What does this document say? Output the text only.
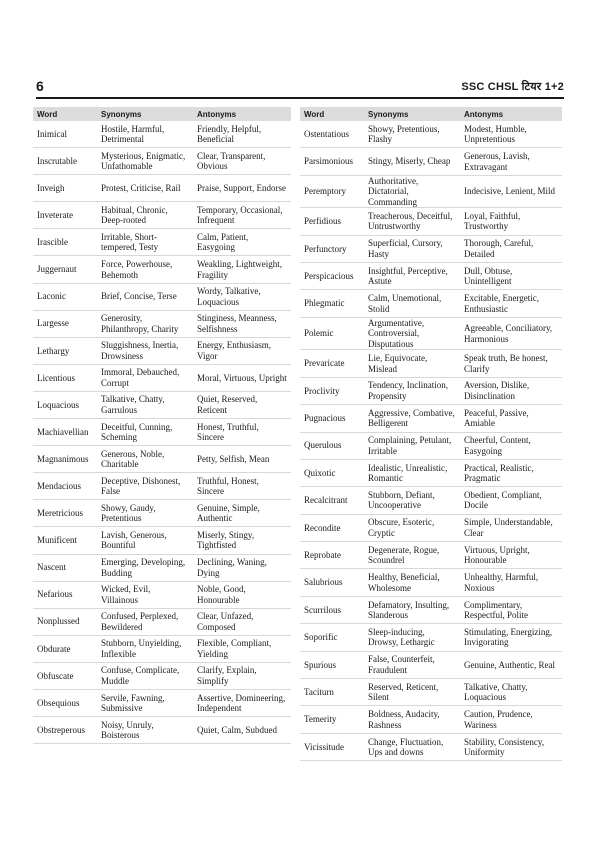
6	SSC CHSL टियर 1+2
Word	Synonyms	Antonyms
Inimical	Hostile, Harmful, Detrimental	Friendly, Helpful, Beneficial
Inscrutable	Mysterious, Enigmatic, Unfathomable	Clear, Transparent, Obvious
Inveigh	Protest, Criticise, Rail	Praise, Support, Endorse
Inveterate	Habitual, Chronic, Deep-rooted	Temporary, Occasional, Infrequent
Irascible	Irritable, Short-tempered, Testy	Calm, Patient, Easygoing
Juggernaut	Force, Powerhouse, Behemoth	Weakling, Lightweight, Fragility
Laconic	Brief, Concise, Terse	Wordy, Talkative, Loquacious
Largesse	Generosity, Philanthropy, Charity	Stinginess, Meanness, Selfishness
Lethargy	Sluggishness, Inertia, Drowsiness	Energy, Enthusiasm, Vigor
Licentious	Immoral, Debauched, Corrupt	Moral, Virtuous, Upright
Loquacious	Talkative, Chatty, Garrulous	Quiet, Reserved, Reticent
Machiavellian	Deceitful, Cunning, Scheming	Honest, Truthful, Sincere
Magnanimous	Generous, Noble, Charitable	Petty, Selfish, Mean
Mendacious	Deceptive, Dishonest, False	Truthful, Honest, Sincere
Meretricious	Showy, Gaudy, Pretentious	Genuine, Simple, Authentic
Munificent	Lavish, Generous, Bountiful	Miserly, Stingy, Tightfisted
Nascent	Emerging, Developing, Budding	Declining, Waning, Dying
Nefarious	Wicked, Evil, Villainous	Noble, Good, Honourable
Nonplussed	Confused, Perplexed, Bewildered	Clear, Unfazed, Composed
Obdurate	Stubborn, Unyielding, Inflexible	Flexible, Compliant, Yielding
Obfuscate	Confuse, Complicate, Muddle	Clarify, Explain, Simplify
Obsequious	Servile, Fawning, Submissive	Assertive, Domineering, Independent
Obstreperous	Noisy, Unruly, Boisterous	Quiet, Calm, Subdued
Word	Synonyms	Antonyms
Ostentatious	Showy, Pretentious, Flashy	Modest, Humble, Unpretentious
Parsimonious	Stingy, Miserly, Cheap	Generous, Lavish, Extravagant
Peremptory	Authoritative, Dictatorial, Commanding	Indecisive, Lenient, Mild
Perfidious	Treacherous, Deceitful, Untrustworthy	Loyal, Faithful, Trustworthy
Perfunctory	Superficial, Cursory, Hasty	Thorough, Careful, Detailed
Perspicacious	Insightful, Perceptive, Astute	Dull, Obtuse, Unintelligent
Phlegmatic	Calm, Unemotional, Stolid	Excitable, Energetic, Enthusiastic
Polemic	Argumentative, Controversial, Disputatious	Agreeable, Conciliatory, Harmonious
Prevaricate	Lie, Equivocate, Mislead	Speak truth, Be honest, Clarify
Proclivity	Tendency, Inclination, Propensity	Aversion, Dislike, Disinclination
Pugnacious	Aggressive, Combative, Belligerent	Peaceful, Passive, Amiable
Querulous	Complaining, Petulant, Irritable	Cheerful, Content, Easygoing
Quixotic	Idealistic, Unrealistic, Romantic	Practical, Realistic, Pragmatic
Recalcitrant	Stubborn, Defiant, Uncooperative	Obedient, Compliant, Docile
Recondite	Obscure, Esoteric, Cryptic	Simple, Understandable, Clear
Reprobate	Degenerate, Rogue, Scoundrel	Virtuous, Upright, Honourable
Salubrious	Healthy, Beneficial, Wholesome	Unhealthy, Harmful, Noxious
Scurrilous	Defamatory, Insulting, Slanderous	Complimentary, Respectful, Polite
Soporific	Sleep-inducing, Drowsy, Lethargic	Stimulating, Energizing, Invigorating
Spurious	False, Counterfeit, Fraudulent	Genuine, Authentic, Real
Taciturn	Reserved, Reticent, Silent	Talkative, Chatty, Loquacious
Temerity	Boldness, Audacity, Rashness	Caution, Prudence, Wariness
Vicissitude	Change, Fluctuation, Ups and downs	Stability, Consistency, Uniformity
